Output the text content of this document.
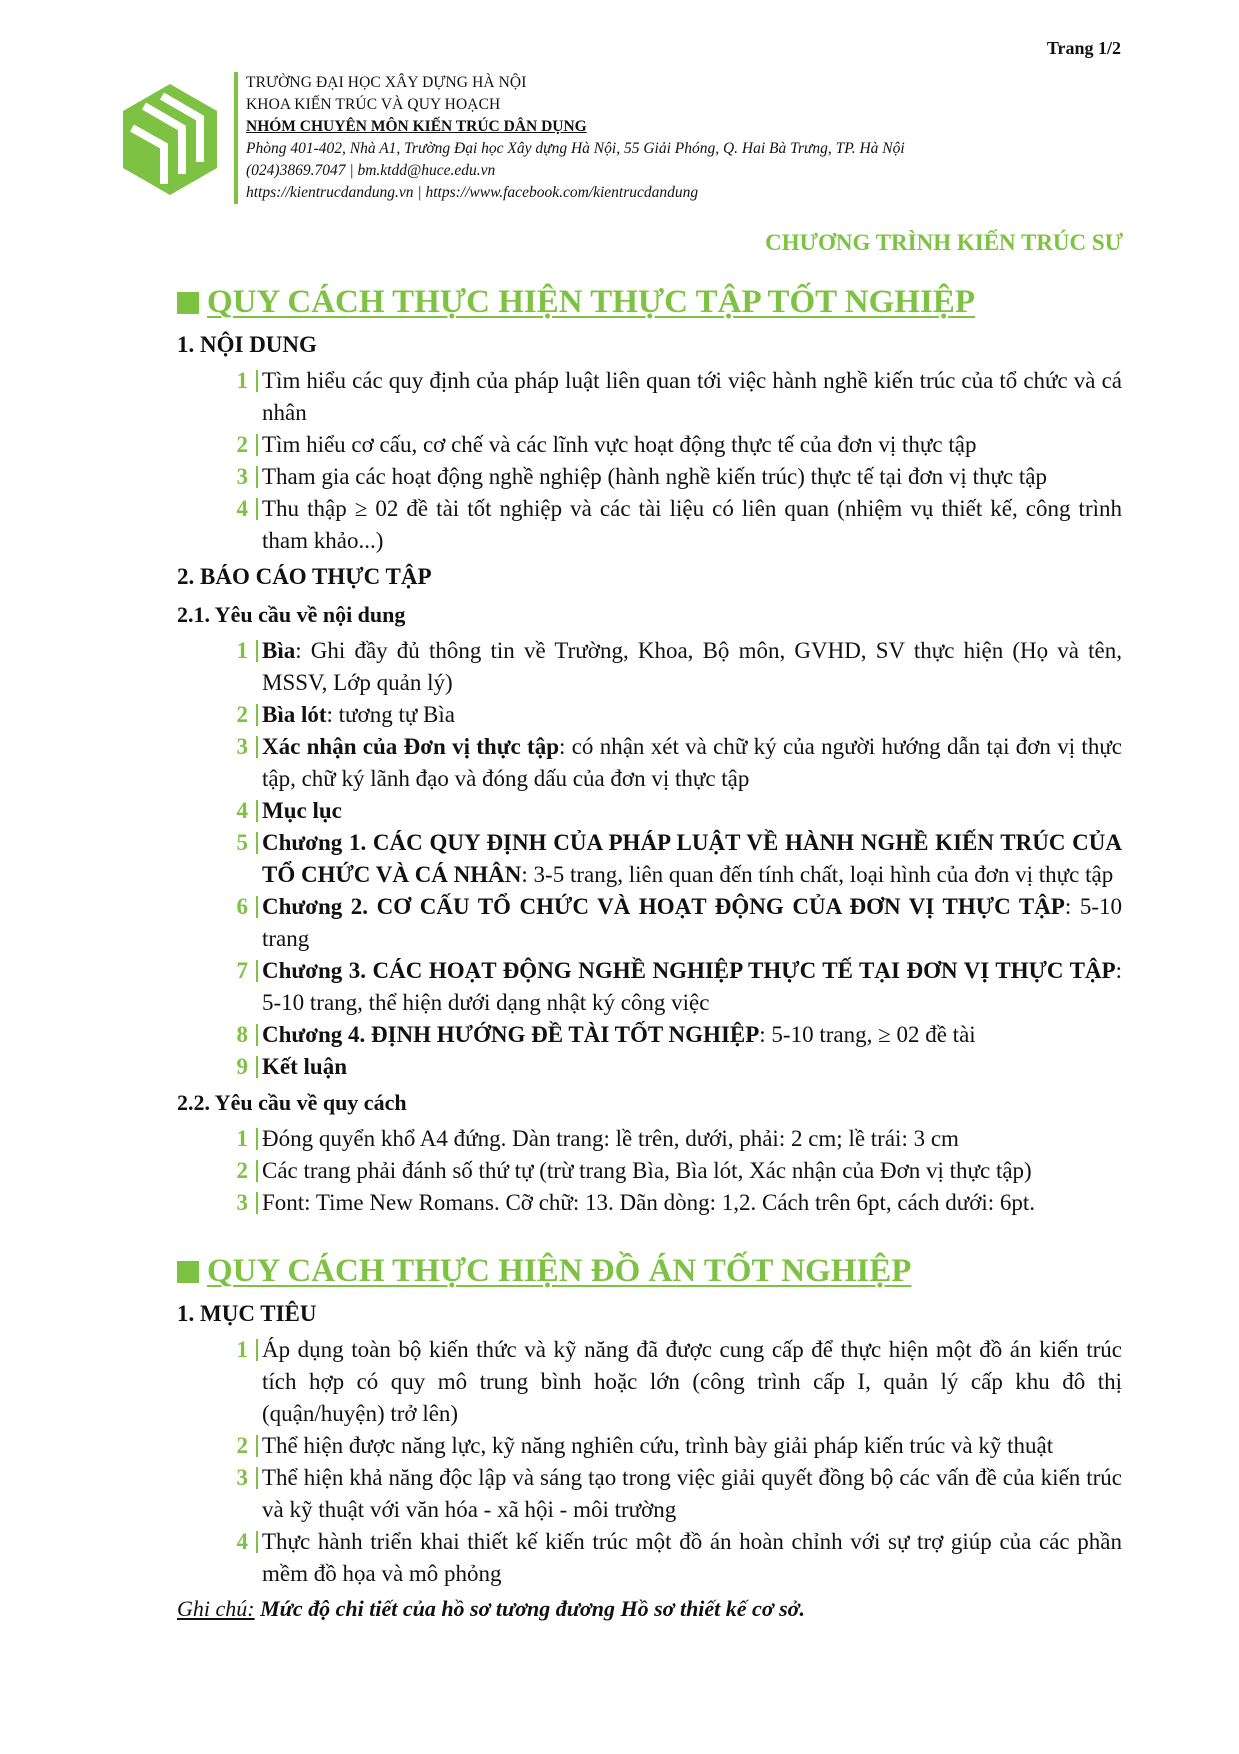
Trang 1/2
TRƯỜNG ĐẠI HỌC XÂY DỰNG HÀ NỘI
KHOA KIẾN TRÚC VÀ QUY HOẠCH
NHÓM CHUYÊN MÔN KIẾN TRÚC DÂN DỤNG
Phòng 401-402, Nhà A1, Trường Đại học Xây dựng Hà Nội, 55 Giải Phóng, Q. Hai Bà Trưng, TP. Hà Nội
(024)3869.7047 | bm.ktdd@huce.edu.vn
https://kientrucdandung.vn | https://www.facebook.com/kientrucdandung
CHƯƠNG TRÌNH KIẾN TRÚC SƯ
QUY CÁCH THỰC HIỆN THỰC TẬP TỐT NGHIỆP
1. NỘI DUNG
1 Tìm hiểu các quy định của pháp luật liên quan tới việc hành nghề kiến trúc của tổ chức và cá nhân
2 Tìm hiểu cơ cấu, cơ chế và các lĩnh vực hoạt động thực tế của đơn vị thực tập
3 Tham gia các hoạt động nghề nghiệp (hành nghề kiến trúc) thực tế tại đơn vị thực tập
4 Thu thập ≥ 02 đề tài tốt nghiệp và các tài liệu có liên quan (nhiệm vụ thiết kế, công trình tham khảo...)
2. BÁO CÁO THỰC TẬP
2.1. Yêu cầu về nội dung
1 Bìa: Ghi đầy đủ thông tin về Trường, Khoa, Bộ môn, GVHD, SV thực hiện (Họ và tên, MSSV, Lớp quản lý)
2 Bìa lót: tương tự Bìa
3 Xác nhận của Đơn vị thực tập: có nhận xét và chữ ký của người hướng dẫn tại đơn vị thực tập, chữ ký lãnh đạo và đóng dấu của đơn vị thực tập
4 Mục lục
5 Chương 1. CÁC QUY ĐỊNH CỦA PHÁP LUẬT VỀ HÀNH NGHỀ KIẾN TRÚC CỦA TỔ CHỨC VÀ CÁ NHÂN: 3-5 trang, liên quan đến tính chất, loại hình của đơn vị thực tập
6 Chương 2. CƠ CẤU TỔ CHỨC VÀ HOẠT ĐỘNG CỦA ĐƠN VỊ THỰC TẬP: 5-10 trang
7 Chương 3. CÁC HOẠT ĐỘNG NGHỀ NGHIỆP THỰC TẾ TẠI ĐƠN VỊ THỰC TẬP: 5-10 trang, thể hiện dưới dạng nhật ký công việc
8 Chương 4. ĐỊNH HƯỚNG ĐỀ TÀI TỐT NGHIỆP: 5-10 trang, ≥ 02 đề tài
9 Kết luận
2.2. Yêu cầu về quy cách
1 Đóng quyển khổ A4 đứng. Dàn trang: lề trên, dưới, phải: 2 cm; lề trái: 3 cm
2 Các trang phải đánh số thứ tự (trừ trang Bìa, Bìa lót, Xác nhận của Đơn vị thực tập)
3 Font: Time New Romans. Cỡ chữ: 13. Dãn dòng: 1,2. Cách trên 6pt, cách dưới: 6pt.
QUY CÁCH THỰC HIỆN ĐỒ ÁN TỐT NGHIỆP
1. MỤC TIÊU
1 Áp dụng toàn bộ kiến thức và kỹ năng đã được cung cấp để thực hiện một đồ án kiến trúc tích hợp có quy mô trung bình hoặc lớn (công trình cấp I, quản lý cấp khu đô thị (quận/huyện) trở lên)
2 Thể hiện được năng lực, kỹ năng nghiên cứu, trình bày giải pháp kiến trúc và kỹ thuật
3 Thể hiện khả năng độc lập và sáng tạo trong việc giải quyết đồng bộ các vấn đề của kiến trúc và kỹ thuật với văn hóa - xã hội - môi trường
4 Thực hành triển khai thiết kế kiến trúc một đồ án hoàn chỉnh với sự trợ giúp của các phần mềm đồ họa và mô phỏng
Ghi chú: Mức độ chi tiết của hồ sơ tương đương Hồ sơ thiết kế cơ sở.
